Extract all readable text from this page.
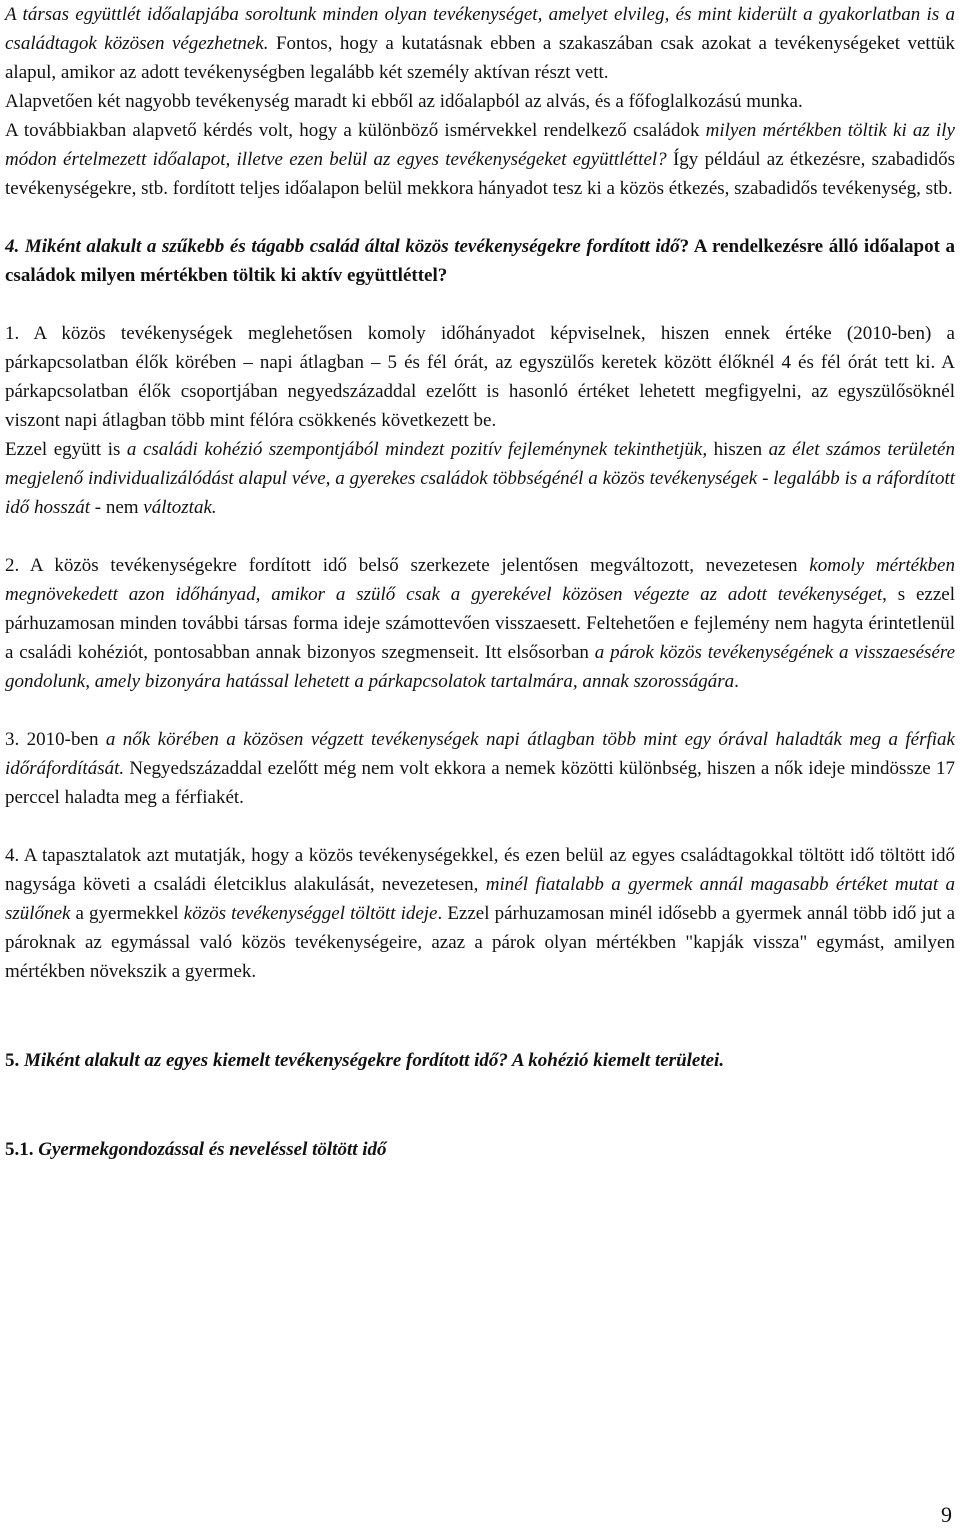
A társas együttlét időalapjába soroltunk minden olyan tevékenységet, amelyet elvileg, és mint kiderült a gyakorlatban is a családtagok közösen végezhetnek. Fontos, hogy a kutatásnak ebben a szakaszában csak azokat a tevékenységeket vettük alapul, amikor az adott tevékenységben legalább két személy aktívan részt vett.

Alapvetően két nagyobb tevékenység maradt ki ebből az időalapból az alvás, és a főfoglalkozású munka.

A továbbiakban alapvető kérdés volt, hogy a különböző ismérvekkel rendelkező családok milyen mértékben töltik ki az ily módon értelmezett időalapot, illetve ezen belül az egyes tevékenységeket együttléttel? Így például az étkezésre, szabadidős tevékenységekre, stb. fordított teljes időalapon belül mekkora hányadot tesz ki a közös étkezés, szabadidős tevékenység, stb.

4. Miként alakult a szűkebb és tágabb család által közös tevékenységekre fordított idő? A rendelkezésre álló időalapot a családok milyen mértékben töltik ki aktív együttléttel?

1. A közös tevékenységek meglehetősen komoly időhányadot képviselnek, hiszen ennek értéke (2010-ben) a párkapcsolatban élők körében – napi átlagban – 5 és fél órát, az egyszülős keretek között élőknél 4 és fél órát tett ki. A párkapcsolatban élők csoportjában negyedszázaddal ezelőtt is hasonló értéket lehetett megfigyelni, az egyszülősöknél viszont napi átlagban több mint félóra csökkenés következett be.

Ezzel együtt is a családi kohézió szempontjából mindezt pozitív fejleménynek tekinthetjük, hiszen az élet számos területén megjelenő individualizálódást alapul véve, a gyerekes családok többségénél a közös tevékenységek - legalább is a ráfordított idő hosszát - nem változtak.

2. A közös tevékenységekre fordított idő belső szerkezete jelentősen megváltozott, nevezetesen komoly mértékben megnövekedett azon időhányad, amikor a szülő csak a gyerekével közösen végezte az adott tevékenységet, s ezzel párhuzamosan minden további társas forma ideje számottevően visszaesett. Feltehetően e fejlemény nem hagyta érintetlenül a családi kohéziót, pontosabban annak bizonyos szegmenseit. Itt elsősorban a párok közös tevékenységének a visszaesésére gondolunk, amely bizonyára hatással lehetett a párkapcsolatok tartalmára, annak szorosságára.

3. 2010-ben a nők körében a közösen végzett tevékenységek napi átlagban több mint egy órával haladták meg a férfiak időráfordítását. Negyedszázaddal ezelőtt még nem volt ekkora a nemek közötti különbség, hiszen a nők ideje mindössze 17 perccel haladta meg a férfiakét.

4. A tapasztalatok azt mutatják, hogy a közös tevékenységekkel, és ezen belül az egyes családtagokkal töltött idő töltött idő nagysága követi a családi életciklus alakulását, nevezetesen, minél fiatalabb a gyermek annál magasabb értéket mutat a szülőnek a gyermekkel közös tevékenységgel töltött ideje. Ezzel párhuzamosan minél idősebb a gyermek annál több idő jut a pároknak az egymással való közös tevékenységeire, azaz a párok olyan mértékben "kapják vissza" egymást, amilyen mértékben növekszik a gyermek.

5. Miként alakult az egyes kiemelt tevékenységekre fordított idő? A kohézió kiemelt területei.

5.1. Gyermekgondozással és neveléssel töltött idő

9
